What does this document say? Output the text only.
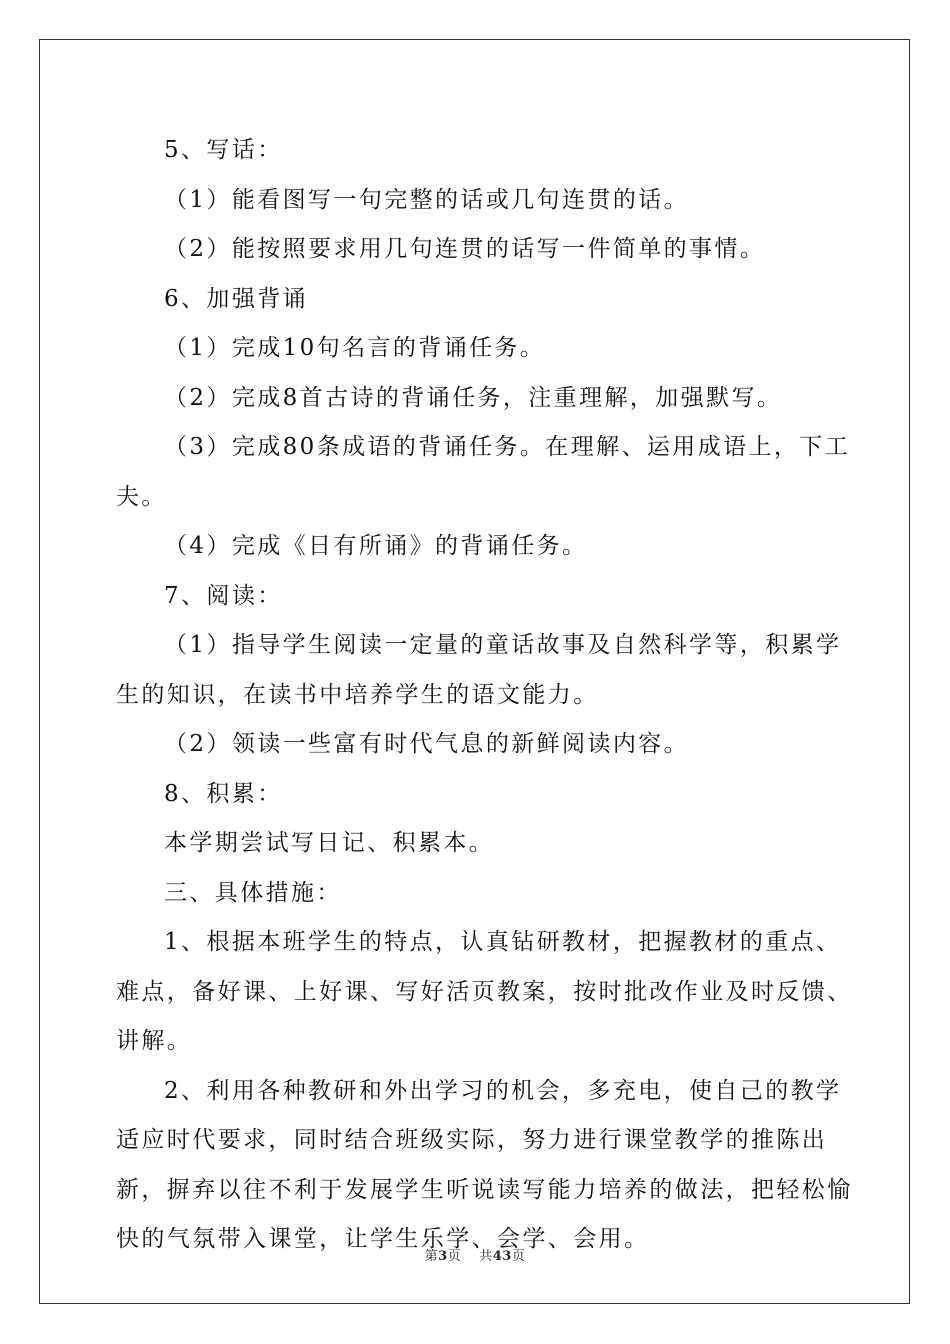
5、写话：

（1）能看图写一句完整的话或几句连贯的话。

（2）能按照要求用几句连贯的话写一件简单的事情。

6、加强背诵

（1）完成10句名言的背诵任务。

（2）完成8首古诗的背诵任务，注重理解，加强默写。

（3）完成80条成语的背诵任务。在理解、运用成语上，下工夫。

（4）完成《日有所诵》的背诵任务。

7、阅读：

（1）指导学生阅读一定量的童话故事及自然科学等，积累学生的知识，在读书中培养学生的语文能力。

（2）领读一些富有时代气息的新鲜阅读内容。

8、积累：

本学期尝试写日记、积累本。

三、具体措施：

1、根据本班学生的特点，认真钻研教材，把握教材的重点、难点，备好课、上好课、写好活页教案，按时批改作业及时反馈、讲解。

2、利用各种教研和外出学习的机会，多充电，使自己的教学适应时代要求，同时结合班级实际，努力进行课堂教学的推陈出新，摒弃以往不利于发展学生听说读写能力培养的做法，把轻松愉快的气氛带入课堂，让学生乐学、会学、会用。

第3页 共43页
